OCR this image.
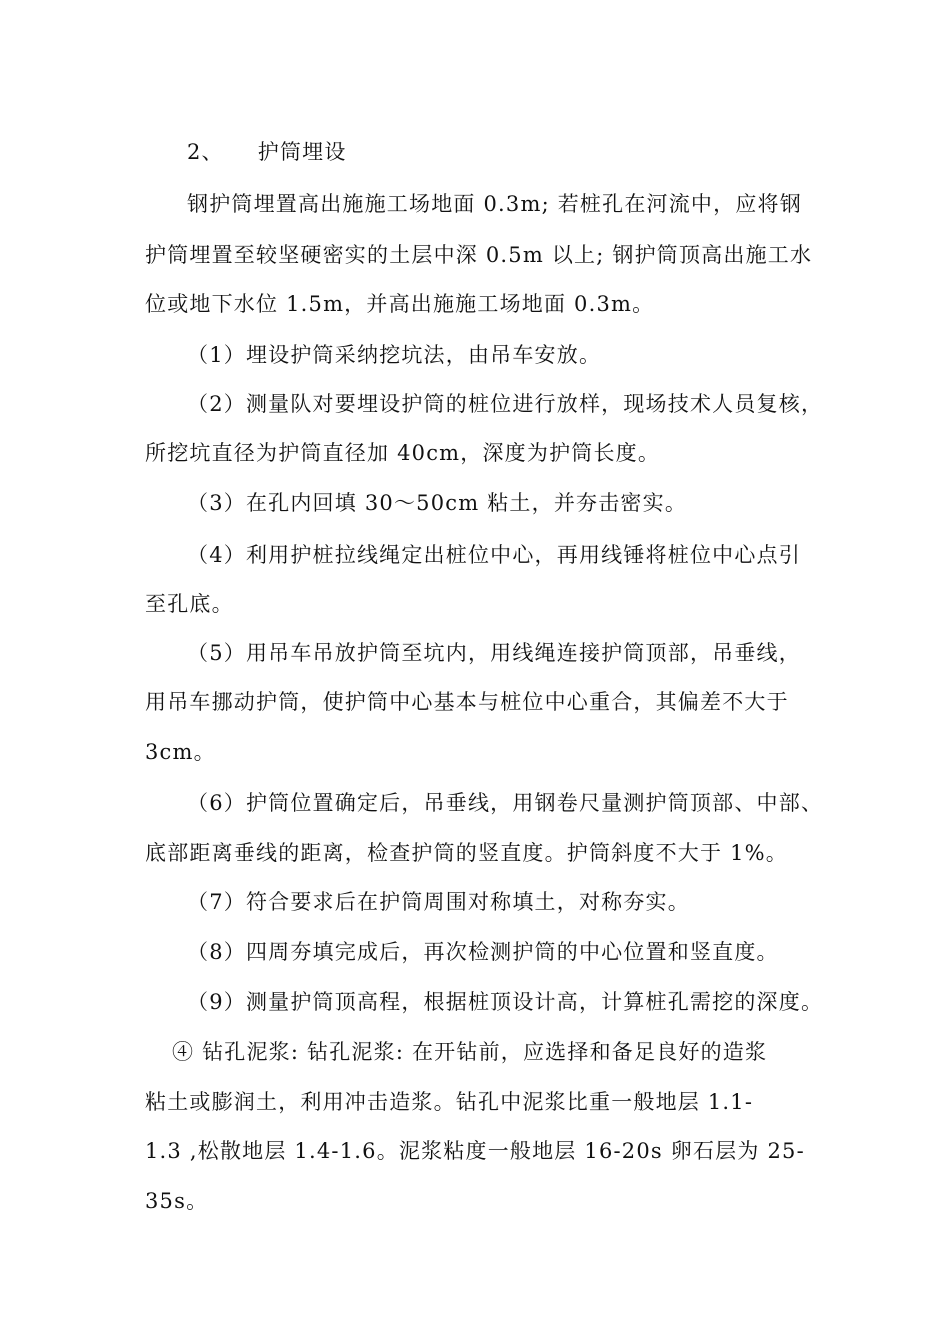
2、 护筒埋设
钢护筒埋置高出施施工场地面 0.3m; 若桩孔在河流中，应将钢
护筒埋置至较坚硬密实的土层中深 0.5m 以上; 钢护筒顶高出施工水
位或地下水位 1.5m，并高出施施工场地面 0.3m。
（1）埋设护筒采纳挖坑法，由吊车安放。
（2）测量队对要埋设护筒的桩位进行放样，现场技术人员复核，
所挖坑直径为护筒直径加 40cm，深度为护筒长度。
（3）在孔内回填 30～50cm 粘土，并夯击密实。
（4）利用护桩拉线绳定出桩位中心，再用线锤将桩位中心点引
至孔底。
（5）用吊车吊放护筒至坑内，用线绳连接护筒顶部，吊垂线，
用吊车挪动护筒，使护筒中心基本与桩位中心重合，其偏差不大于
3cm。
（6）护筒位置确定后，吊垂线，用钢卷尺量测护筒顶部、中部、
底部距离垂线的距离，检查护筒的竖直度。护筒斜度不大于 1%。
（7）符合要求后在护筒周围对称填土，对称夯实。
（8）四周夯填完成后，再次检测护筒的中心位置和竖直度。
（9）测量护筒顶高程，根据桩顶设计高，计算桩孔需挖的深度。
④ 钻孔泥浆: 钻孔泥浆: 在开钻前，应选择和备足良好的造浆
粘土或膨润土，利用冲击造浆。钻孔中泥浆比重一般地层 1.1-
1.3 ,松散地层 1.4-1.6。泥浆粘度一般地层 16-20s 卵石层为 25-
35s。
